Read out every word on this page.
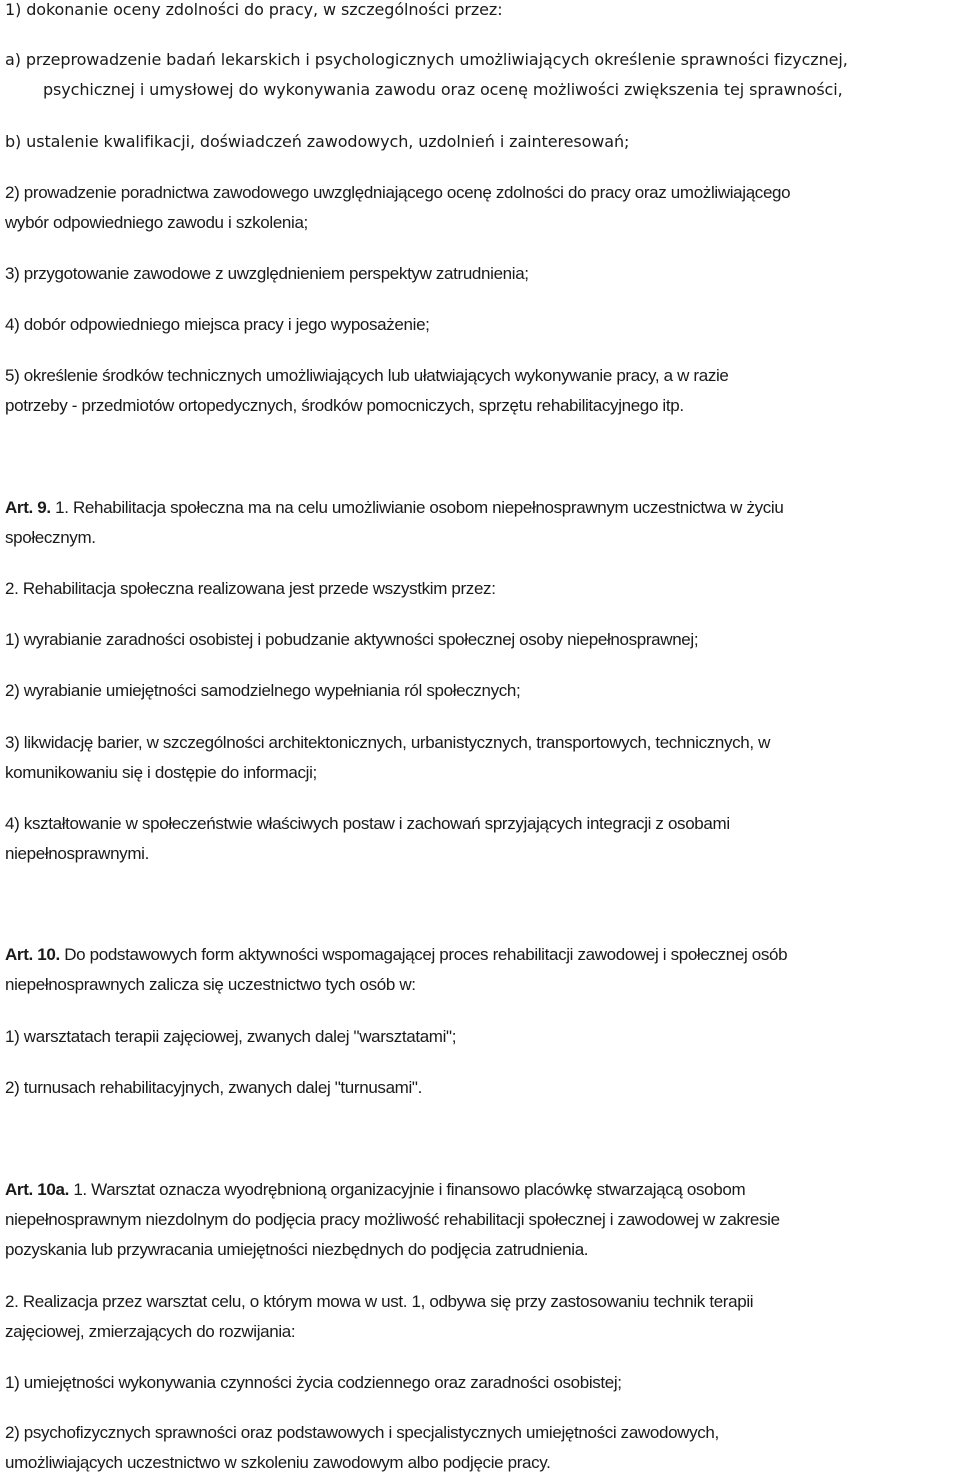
1) dokonanie oceny zdolności do pracy, w szczególności przez:

a) przeprowadzenie badań lekarskich i psychologicznych umożliwiających określenie sprawności fizycznej,

psychicznej i umysłowej do wykonywania zawodu oraz ocenę możliwości zwiększenia tej sprawności,

b) ustalenie kwalifikacji, doświadczeń zawodowych, uzdolnień i zainteresowań;

2) prowadzenie poradnictwa zawodowego uwzględniającego ocenę zdolności do pracy oraz umożliwiającego

wybór odpowiedniego zawodu i szkolenia;

3) przygotowanie zawodowe z uwzględnieniem perspektyw zatrudnienia;

4) dobór odpowiedniego miejsca pracy i jego wyposażenie;

5) określenie środków technicznych umożliwiających lub ułatwiających wykonywanie pracy, a w razie

potrzeby - przedmiotów ortopedycznych, środków pomocniczych, sprzętu rehabilitacyjnego itp.

Art. 9. 1. Rehabilitacja społeczna ma na celu umożliwianie osobom niepełnosprawnym uczestnictwa w życiu

społecznym.

2. Rehabilitacja społeczna realizowana jest przede wszystkim przez:

1) wyrabianie zaradności osobistej i pobudzanie aktywności społecznej osoby niepełnosprawnej;

2) wyrabianie umiejętności samodzielnego wypełniania ról społecznych;

3) likwidację barier, w szczególności architektonicznych, urbanistycznych, transportowych, technicznych, w

komunikowaniu się i dostępie do informacji;

4) kształtowanie w społeczeństwie właściwych postaw i zachowań sprzyjających integracji z osobami

niepełnosprawnymi.

Art. 10. Do podstawowych form aktywności wspomagającej proces rehabilitacji zawodowej i społecznej osób

niepełnosprawnych zalicza się uczestnictwo tych osób w:

1) warsztatach terapii zajęciowej, zwanych dalej "warsztatami";

2) turnusach rehabilitacyjnych, zwanych dalej "turnusami".

Art. 10a. 1. Warsztat oznacza wyodrębnioną organizacyjnie i finansowo placówkę stwarzającą osobom

niepełnosprawnym niezdolnym do podjęcia pracy możliwość rehabilitacji społecznej i zawodowej w zakresie

pozyskania lub przywracania umiejętności niezbędnych do podjęcia zatrudnienia.

2. Realizacja przez warsztat celu, o którym mowa w ust. 1, odbywa się przy zastosowaniu technik terapii

zajęciowej, zmierzających do rozwijania:

1) umiejętności wykonywania czynności życia codziennego oraz zaradności osobistej;

2) psychofizycznych sprawności oraz podstawowych i specjalistycznych umiejętności zawodowych,

umożliwiających uczestnictwo w szkoleniu zawodowym albo podjęcie pracy.
